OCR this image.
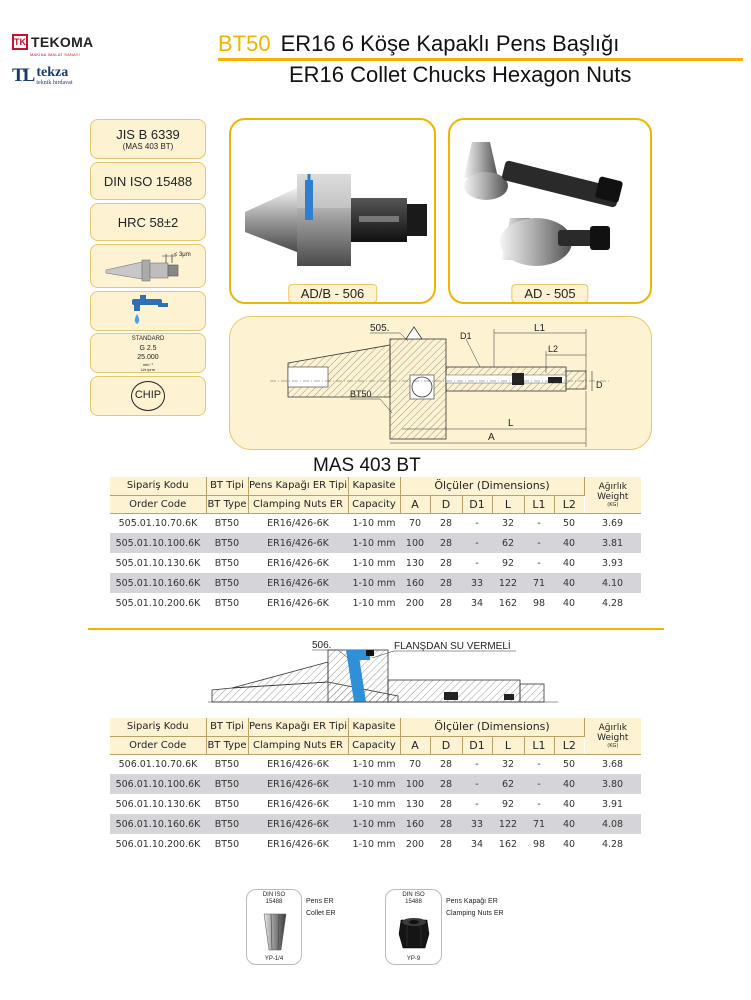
TK TEKOMA
MAKİNA İMALAT SANAYİ
TL tekza
teknik hırdavat
BT50 ER16 6 Köşe Kapaklı Pens Başlığı
ER16 Collet Chucks Hexagon Nuts
JIS B 6339
(MAS 403 BT)
DIN ISO 15488
HRC 58±2
≤ 3μm
STANDARD
G 2.5
25.000
min⁻¹
U/r./prm
CHIP
AD/B - 506	AD - 505
L1
L2
L
A
D
D1
505.
BT50
MAS 403 BT
Sipariş Kodu	BT Tipi	Pens Kapağı ER Tipi	Kapasite	Ölçüler (Dimensions)						Ağırlık
Weight
(KG)

Order Code	BT Type	Clamping Nuts ER	Capacity	A	D	D1	L	L1	L2	
505.01.10.70.6K	BT50	ER16/426-6K	1-10 mm	70	28	-	32	-	50	3.69
505.01.10.100.6K	BT50	ER16/426-6K	1-10 mm	100	28	-	62	-	40	3.81
505.01.10.130.6K	BT50	ER16/426-6K	1-10 mm	130	28	-	92	-	40	3.93
505.01.10.160.6K	BT50	ER16/426-6K	1-10 mm	160	28	33	122	71	40	4.10
505.01.10.200.6K	BT50	ER16/426-6K	1-10 mm	200	28	34	162	98	40	4.28
506.	FLANŞDAN SU VERMELİ
Sipariş Kodu	BT Tipi	Pens Kapağı ER Tipi	Kapasite	Ölçüler (Dimensions)						Ağırlık
Weight
(KG)

Order Code	BT Type	Clamping Nuts ER	Capacity	A	D	D1	L	L1	L2	
506.01.10.70.6K	BT50	ER16/426-6K	1-10 mm	70	28	-	32	-	50	3.68
506.01.10.100.6K	BT50	ER16/426-6K	1-10 mm	100	28	-	62	-	40	3.80
506.01.10.130.6K	BT50	ER16/426-6K	1-10 mm	130	28	-	92	-	40	3.91
506.01.10.160.6K	BT50	ER16/426-6K	1-10 mm	160	28	33	122	71	40	4.08
506.01.10.200.6K	BT50	ER16/426-6K	1-10 mm	200	28	34	162	98	40	4.28
DIN ISO
15488
YP-1/4
Pens ER
Collet ER
DIN ISO
15488
YP-9
Pens Kapağı ER
Clamping Nuts ER
